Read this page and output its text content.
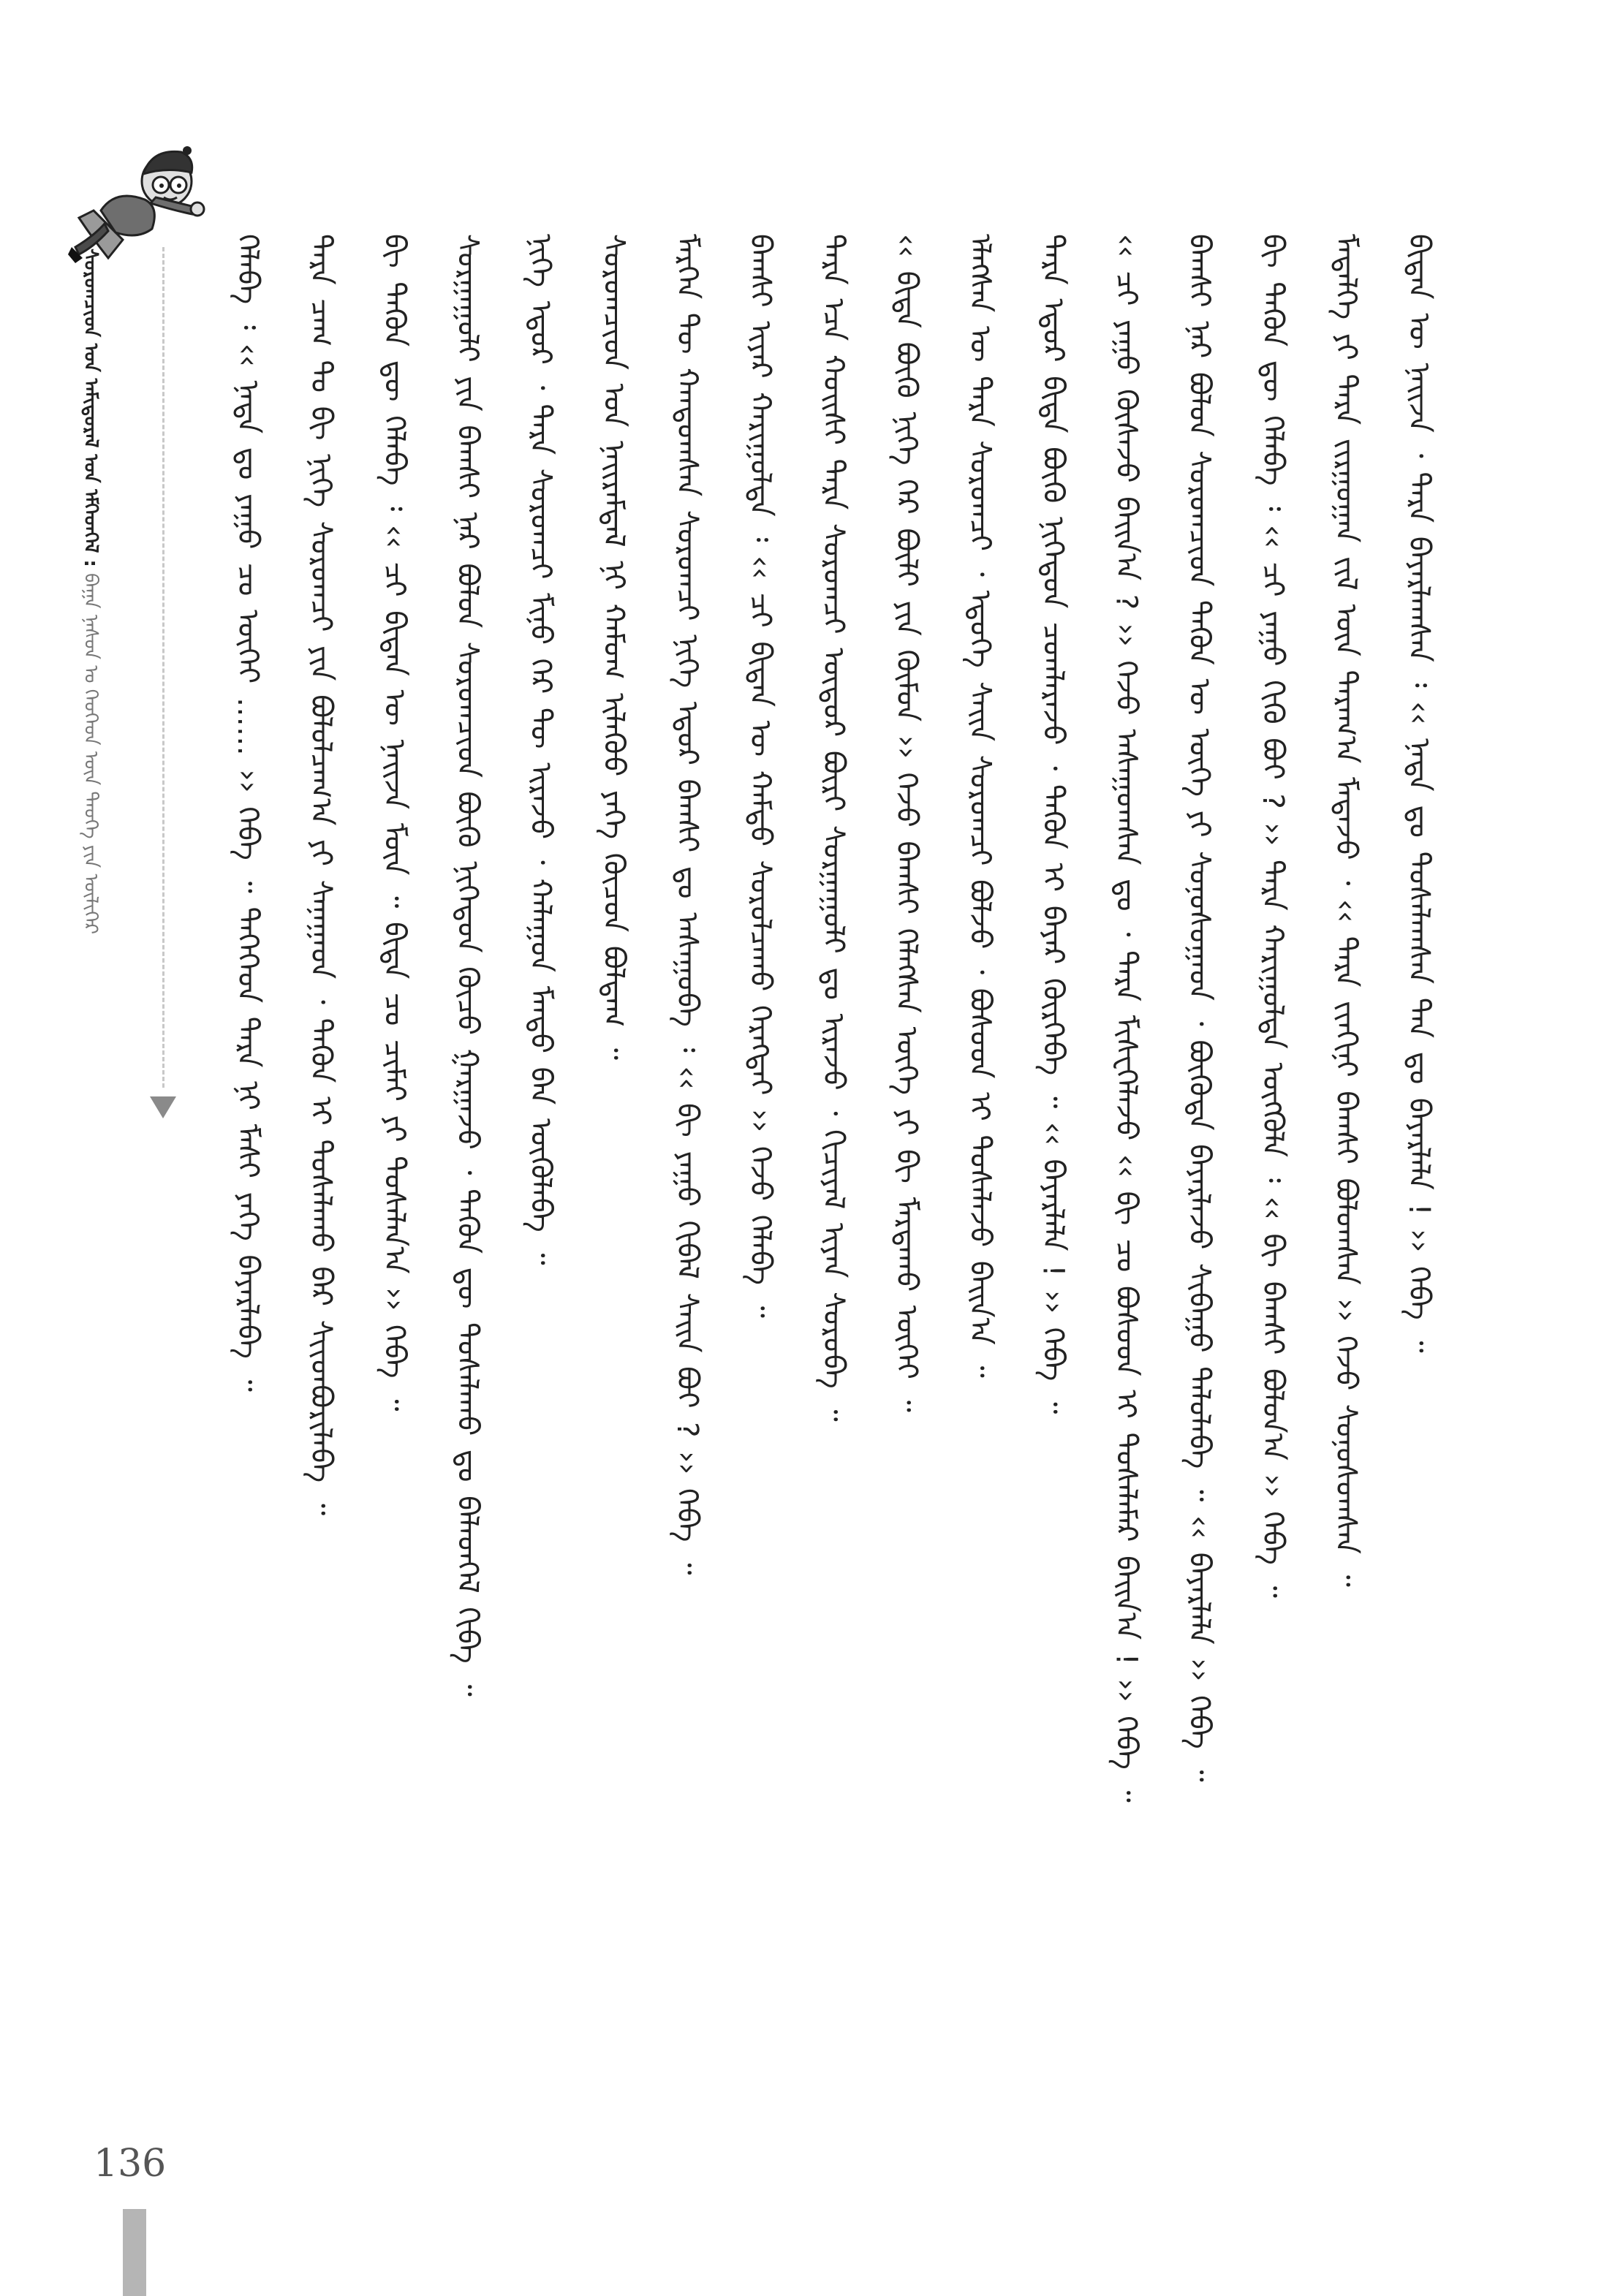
ᠰᠤᠷᠤᠭᠴᠢᠳ ᠤᠨ ᠠᠮᠢᠳᠤᠷᠠᠯ ᠤᠨ ᠡᠮᠬᠡᠳᠬᠡᠯ : ᠪᠠᠭᠠ ᠨᠠᠰᠤᠨ ᠤ ᠬᠡᠦᠬᠡᠳ ᠦᠨ ᠲᠡᠦᠬᠡ ᠶᠢᠨ ᠦᠯᠢᠭᠡᠷ	ᠬᠡᠯᠡᠪᠡ ᠄ ‹‹ ᠨᠠᠳᠠ ᠳᠤ ᠶᠠᠭᠤ ᠴᠤ ᠦᠭᠡᠢ …… ›› ᠭᠡᠪᠡ ᠃ ᠲᠡᠭᠡᠭᠡᠳ ᠲᠡᠷᠡ ᠨᠢ ᠮᠠᠰᠢ ᠶᠡᠬᠡ ᠪᠠᠶᠠᠷᠯᠠᠪᠠ ᠃	ᠲᠡᠷᠡ ᠴᠠᠭ ᠲᠤ ᠪᠢ ᠨᠢᠭᠡ ᠰᠤᠷᠤᠭᠴᠢ ᠶᠢᠨ ᠪᠤᠯᠤᠯᠴᠠᠭ᠎ᠠ ᠶᠢ ᠰᠠᠨᠠᠭᠠᠳ ᠂ ᠲᠡᠭᠦᠨ ᠢ ᠲᠤᠰᠠᠯᠠᠬᠤ ᠪᠡᠷ ᠰᠢᠢᠳᠪᠦᠷᠢᠯᠡᠪᠡ ᠃	ᠪᠢ ᠲᠡᠭᠦᠨ ᠳᠦ ᠬᠡᠯᠡᠪᠡ ᠄ ‹‹ ᠴᠢ ᠪᠢᠳᠡᠨ ᠦ ᠨᠠᠢᠵᠠ ᠮᠥᠨ ᠃ ᠪᠢᠳᠡ ᠴᠤ ᠴᠢᠮᠠᠢ ᠶᠢ ᠲᠤᠰᠠᠯᠠᠨ᠎ᠠ ›› ᠭᠡᠪᠡ ᠃	ᠰᠤᠷᠭᠠᠭᠤᠯᠢ ᠶᠢᠨ ᠪᠠᠭᠰᠢ ᠨᠠᠷ ᠪᠤᠯᠤᠨ ᠰᠤᠷᠤᠭᠴᠢᠳ ᠪᠦᠬᠦ ᠨᠢᠭᠡᠳᠦᠨ ᠬᠦᠴᠦ ᠭᠠᠷᠭᠠᠵᠤ ᠂ ᠲᠡᠭᠦᠨ ᠳᠦ ᠲᠤᠰᠠᠯᠠᠬᠤ ᠳᠤ ᠪᠡᠯᠡᠳᠬᠡᠯ ᠬᠢᠪᠡ ᠃	ᠨᠢᠭᠡ ᠡᠳᠦᠷ ᠂ ᠲᠡᠷᠡ ᠰᠤᠷᠤᠭᠴᠢ ᠮᠢᠨᠤ ᠭᠡᠷ ᠲᠦ ᠢᠷᠡᠵᠦ ᠂ ᠬᠠᠯᠠᠭᠤᠨ ᠮᠡᠨᠳᠦ ᠪᠡᠨ ᠦᠭᠦᠯᠡᠪᠡ ᠃	ᠰᠤᠷᠤᠭᠴᠢᠳ ᠤᠨ ᠨᠠᠢᠷᠠᠮᠳᠠᠯ ᠨᠢ ᠬᠠᠮᠤᠭ ᠢᠯᠡᠭᠦᠦ ᠶᠡᠬᠡ ᠬᠦᠴᠦᠨ ᠪᠤᠯᠳᠠᠭ ᠃	ᠮᠡᠷᠭᠡᠨ ᠲᠦ ᠬᠠᠨᠳᠤᠭᠰᠠᠨ ᠰᠤᠷᠤᠭᠴᠢ ᠨᠢᠭᠡ ᠡᠳᠦᠷ ᠪᠠᠭᠰᠢ ᠳᠤ ᠠᠰᠠᠭᠤᠪᠠ ᠄ ‹‹ ᠪᠢ ᠶᠠᠭᠤ ᠬᠢᠪᠡᠯ ᠰᠠᠢᠨ ᠪᠤᠢ ? ›› ᠭᠡᠪᠡ ᠃	ᠪᠠᠭᠰᠢ ᠢᠶᠡᠷ ᠬᠠᠷᠢᠭᠤᠯᠲᠠ ᠄ ‹‹ ᠴᠢ ᠪᠢᠳᠡᠨ ᠦ ᠬᠠᠮᠲᠤ ᠰᠤᠷᠤᠯᠴᠠᠬᠤ ᠬᠡᠷᠡᠭᠲᠡᠢ ›› ᠭᠡᠵᠦ ᠬᠡᠯᠡᠪᠡ ᠃	ᠲᠡᠷᠡ ᠡᠴᠡ ᠬᠣᠢᠰᠢ ᠲᠡᠷᠡ ᠰᠤᠷᠤᠭᠴᠢ ᠥᠳᠦᠷ ᠪᠦᠷᠢ ᠰᠤᠷᠭᠠᠭᠤᠯᠢ ᠳᠤ ᠢᠷᠡᠵᠦ ᠂ ᠬᠢᠴᠢᠶᠡᠯ ᠢᠶᠡᠨ ᠰᠤᠷᠤᠪᠠ ᠃	‹‹ ᠪᠢᠳᠡ ᠪᠦᠬᠦ ᠨᠢᠭᠡ ᠭᠡᠷ ᠪᠦᠯᠢ ᠶᠢᠨ ᠬᠦᠮᠦᠨ ›› ᠭᠡᠵᠦ ᠪᠠᠭᠰᠢ ᠬᠡᠯᠡᠭᠰᠡᠨ ᠦᠭᠡ ᠶᠢ ᠪᠢ ᠮᠠᠷᠲᠠᠬᠤ ᠦᠭᠡᠢ ᠃	ᠡᠯᠡᠭᠰᠡᠨ ᠦ ᠲᠡᠷᠡ ᠰᠤᠷᠤᠭᠴᠢ ᠂ ᠡᠳᠦᠭᠡ ᠰᠠᠢᠨ ᠰᠤᠷᠤᠭᠴᠢ ᠪᠤᠯᠵᠤ ᠂ ᠪᠤᠰᠤᠳ ᠢ ᠲᠤᠰᠠᠯᠠᠵᠤ ᠪᠠᠢᠨ᠎ᠠ ᠃	ᠲᠡᠷᠡ ᠡᠳᠦᠷ ᠪᠢᠳᠡ ᠪᠦᠬᠦ ᠨᠢᠭᠡᠳᠦᠨ ᠴᠤᠭᠯᠠᠷᠠᠵᠤ ᠂ ᠲᠡᠭᠦᠨ ᠢ ᠪᠠᠶᠠᠷ ᠬᠦᠷᠭᠡᠪᠡ ᠃ ‹‹ ᠪᠠᠶᠠᠷᠯᠠᠯᠠ ! ›› ᠭᠡᠪᠡ ᠃	‹‹ ᠴᠢ ᠶᠠᠭᠤ ᠬᠦᠰᠡᠵᠦ ᠪᠠᠢᠨ᠎ᠠ ? ›› ᠭᠡᠵᠦ ᠠᠰᠠᠭᠤᠭᠰᠠᠨ ᠳᠤ ᠂ ᠲᠡᠷᠡ ᠮᠢᠰᠧᠭᠡᠯᠡᠵᠦ ‹‹ ᠪᠢ ᠴᠤ ᠪᠤᠰᠤᠳ ᠢ ᠲᠤᠰᠠᠯᠠᠮᠠᠷ ᠪᠠᠢᠨ᠎ᠠ ! ›› ᠭᠡᠪᠡ ᠃	ᠪᠠᠭᠰᠢ ᠨᠠᠷ ᠪᠤᠯᠤᠨ ᠰᠤᠷᠤᠭᠴᠢᠳ ᠲᠡᠭᠦᠨ ᠦ ᠦᠭᠡ ᠶᠢ ᠰᠣᠨᠣᠰᠣᠭᠠᠳ ᠂ ᠪᠦᠭᠦᠳᠡ ᠪᠠᠶᠠᠷᠯᠠᠵᠤ ᠰᠢᠪᠠᠭᠤ ᠲᠠᠯᠤᠯᠠᠪᠠ ᠃ ‹‹ ᠪᠠᠶᠠᠷᠯᠠᠯᠠ ›› ᠭᠡᠪᠡ ᠃	ᠪᠢ ᠲᠡᠭᠦᠨ ᠳᠦ ᠬᠡᠯᠡᠪᠡ ᠄ ‹‹ ᠴᠢ ᠶᠠᠭᠤ ᠬᠢᠬᠦ ᠪᠤᠢ ? ›› ᠲᠡᠷᠡ ᠬᠠᠷᠢᠭᠤᠯᠲᠠ ᠦᠭᠭᠦᠯᠡ ᠄ ‹‹ ᠪᠢ ᠪᠠᠭᠰᠢ ᠪᠤᠯᠤᠨ᠎ᠠ ›› ᠭᠡᠪᠡ ᠃	ᠮᠡᠳᠡᠯᠭᠡ ᠶᠢ ᠲᠡᠷᠡ ᠵᠢᠷᠭᠤᠭᠠᠨ ᠵᠢᠯ ᠦᠨ ᠳᠠᠷᠠᠭ᠎ᠠ ᠮᠡᠳᠡᠵᠦ ᠂ ‹‹ ᠲᠡᠷᠡ ᠵᠢᠨᠬᠢᠨᠢ ᠪᠠᠭᠰᠢ ᠪᠤᠯᠤᠭᠰᠠᠨ ›› ᠭᠡᠵᠦ ᠰᠣᠨᠣᠰᠤᠭᠰᠠᠨ ᠃	ᠪᠢᠳᠡᠨ ᠦ ᠨᠠᠢᠵᠠ ᠂ ᠲᠡᠷᠡ ᠪᠠᠶᠠᠷᠯᠠᠭᠰᠠᠨ ᠄ ‹‹ ᠨᠠᠳᠠ ᠳᠤ ᠲᠤᠰᠠᠯᠠᠭᠰᠠᠨ ᠲᠠᠨ ᠳᠤ ᠪᠠᠶᠠᠷᠯᠠᠯᠠ ! ›› ᠭᠡᠪᠡ ᠃
136
